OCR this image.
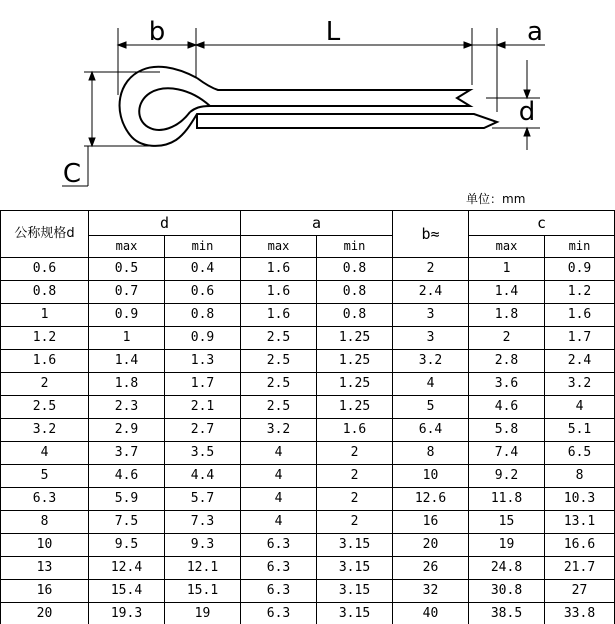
b	L	a
d
C
单位：mm
公称规格d	d		a		b≈	c	
	max	min	max	min		max	min
0.6	0.5	0.4	1.6	0.8	2	1	0.9
0.8	0.7	0.6	1.6	0.8	2.4	1.4	1.2
1	0.9	0.8	1.6	0.8	3	1.8	1.6
1.2	1	0.9	2.5	1.25	3	2	1.7
1.6	1.4	1.3	2.5	1.25	3.2	2.8	2.4
2	1.8	1.7	2.5	1.25	4	3.6	3.2
2.5	2.3	2.1	2.5	1.25	5	4.6	4
3.2	2.9	2.7	3.2	1.6	6.4	5.8	5.1
4	3.7	3.5	4	2	8	7.4	6.5
5	4.6	4.4	4	2	10	9.2	8
6.3	5.9	5.7	4	2	12.6	11.8	10.3
8	7.5	7.3	4	2	16	15	13.1
10	9.5	9.3	6.3	3.15	20	19	16.6
13	12.4	12.1	6.3	3.15	26	24.8	21.7
16	15.4	15.1	6.3	3.15	32	30.8	27
20	19.3	19	6.3	3.15	40	38.5	33.8
